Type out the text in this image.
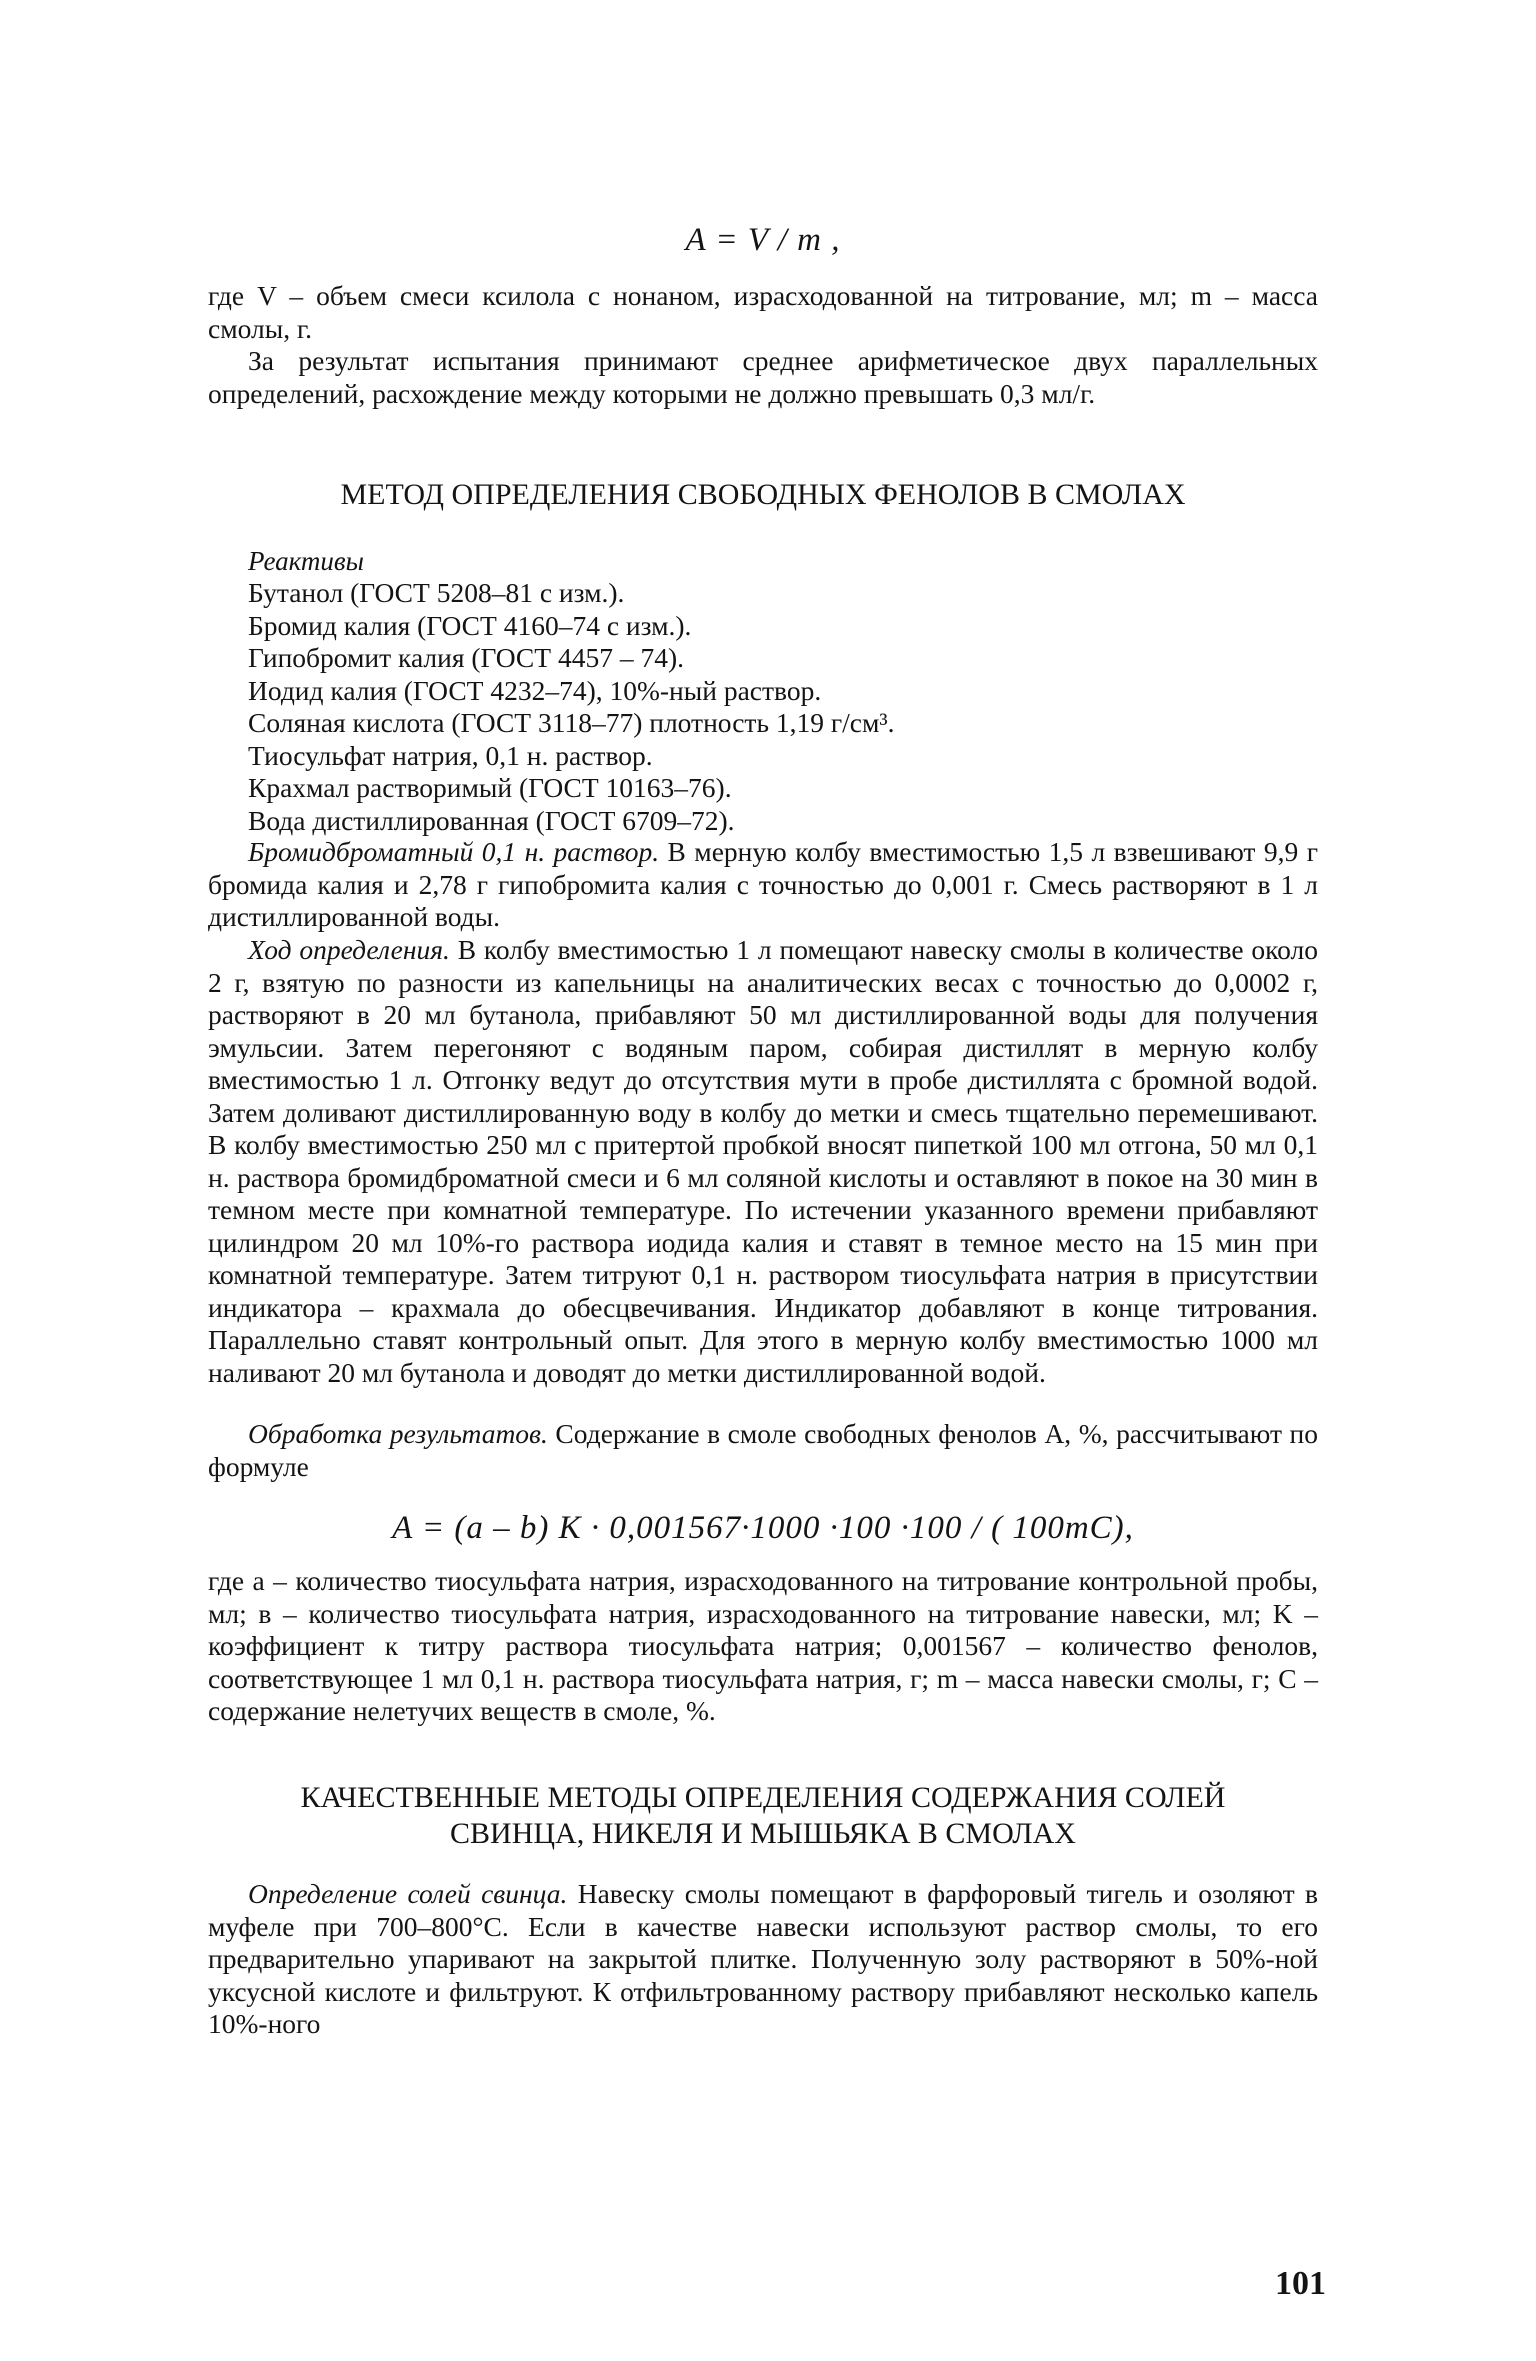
A = V / m ,

где V – объем смеси ксилола с нонаном, израсходованной на титрование, мл; m – масса смолы, г.

За результат испытания принимают среднее арифметическое двух параллельных определений, расхождение между которыми не должно превышать 0,3 мл/г.

МЕТОД ОПРЕДЕЛЕНИЯ СВОБОДНЫХ ФЕНОЛОВ В СМОЛАХ
Реактивы
Бутанол (ГОСТ 5208–81 с изм.).
Бромид калия (ГОСТ 4160–74 с изм.).
Гипобромит калия (ГОСТ 4457 – 74).
Иодид калия (ГОСТ 4232–74), 10%-ный раствор.
Соляная кислота (ГОСТ 3118–77) плотность 1,19 г/см³.
Тиосульфат натрия, 0,1 н. раствор.
Крахмал растворимый (ГОСТ 10163–76).
Вода дистиллированная (ГОСТ 6709–72).

Бромидброматный 0,1 н. раствор. В мерную колбу вместимостью 1,5 л взвешивают 9,9 г бромида калия и 2,78 г гипобромита калия с точностью до 0,001 г. Смесь растворяют в 1 л дистиллированной воды.

Ход определения. В колбу вместимостью 1 л помещают навеску смолы в количестве около 2 г, взятую по разности из капельницы на аналитических весах с точностью до 0,0002 г, растворяют в 20 мл бутанола, прибавляют 50 мл дистиллированной воды для получения эмульсии. Затем перегоняют с водяным паром, собирая дистиллят в мерную колбу вместимостью 1 л. Отгонку ведут до отсутствия мути в пробе дистиллята с бромной водой. Затем доливают дистиллированную воду в колбу до метки и смесь тщательно перемешивают. В колбу вместимостью 250 мл с притертой пробкой вносят пипеткой 100 мл отгона, 50 мл 0,1 н. раствора бромидброматной смеси и 6 мл соляной кислоты и оставляют в покое на 30 мин в темном месте при комнатной температуре. По истечении указанного времени прибавляют цилиндром 20 мл 10%-го раствора иодида калия и ставят в темное место на 15 мин при комнатной температуре. Затем титруют 0,1 н. раствором тиосульфата натрия в присутствии индикатора – крахмала до обесцвечивания. Индикатор добавляют в конце титрования. Параллельно ставят контрольный опыт. Для этого в мерную колбу вместимостью 1000 мл наливают 20 мл бутанола и доводят до метки дистиллированной водой.

Обработка результатов. Содержание в смоле свободных фенолов A, %, рассчитывают по формуле

A = (a – b) K · 0,001567·1000 ·100 ·100 / ( 100mC),

где a – количество тиосульфата натрия, израсходованного на титрование контрольной пробы, мл; в – количество тиосульфата натрия, израсходованного на титрование навески, мл; K – коэффициент к титру раствора тиосульфата натрия; 0,001567 – количество фенолов, соответствующее 1 мл 0,1 н. раствора тиосульфата натрия, г; m – масса навески смолы, г; C – содержание нелетучих веществ в смоле, %.

КАЧЕСТВЕННЫЕ МЕТОДЫ ОПРЕДЕЛЕНИЯ СОДЕРЖАНИЯ СОЛЕЙ
СВИНЦА, НИКЕЛЯ И МЫШЬЯКА В СМОЛАХ

Определение солей свинца. Навеску смолы помещают в фарфоровый тигель и озоляют в муфеле при 700–800°C. Если в качестве навески используют раствор смолы, то его предварительно упаривают на закрытой плитке. Полученную золу растворяют в 50%-ной уксусной кислоте и фильтруют. К отфильтрованному раствору прибавляют несколько капель 10%-ного

101
